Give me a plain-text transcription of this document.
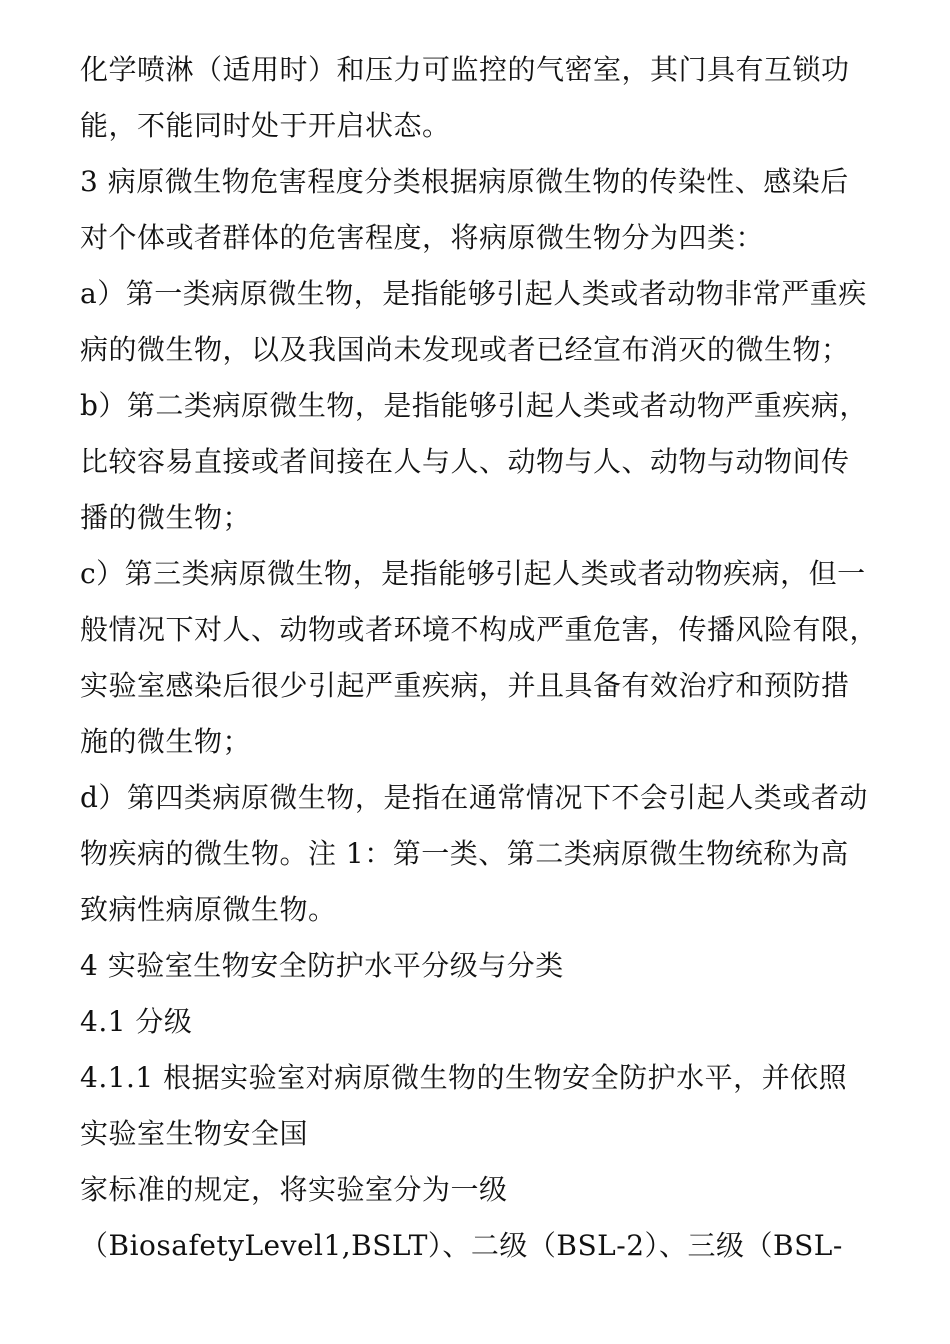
化学喷淋（适用时）和压力可监控的气密室，其门具有互锁功
能，不能同时处于开启状态。
3 病原微生物危害程度分类根据病原微生物的传染性、感染后
对个体或者群体的危害程度，将病原微生物分为四类：
a）第一类病原微生物，是指能够引起人类或者动物非常严重疾
病的微生物，以及我国尚未发现或者已经宣布消灭的微生物；
b）第二类病原微生物，是指能够引起人类或者动物严重疾病，
比较容易直接或者间接在人与人、动物与人、动物与动物间传
播的微生物；
c）第三类病原微生物，是指能够引起人类或者动物疾病，但一
般情况下对人、动物或者环境不构成严重危害，传播风险有限，
实验室感染后很少引起严重疾病，并且具备有效治疗和预防措
施的微生物；
d）第四类病原微生物，是指在通常情况下不会引起人类或者动
物疾病的微生物。注 1：第一类、第二类病原微生物统称为高
致病性病原微生物。
4 实验室生物安全防护水平分级与分类
4.1 分级
4.1.1 根据实验室对病原微生物的生物安全防护水平，并依照
实验室生物安全国
家标准的规定，将实验室分为一级
（BiosafetyLevel1,BSLT）、二级（BSL-2）、三级（BSL-
